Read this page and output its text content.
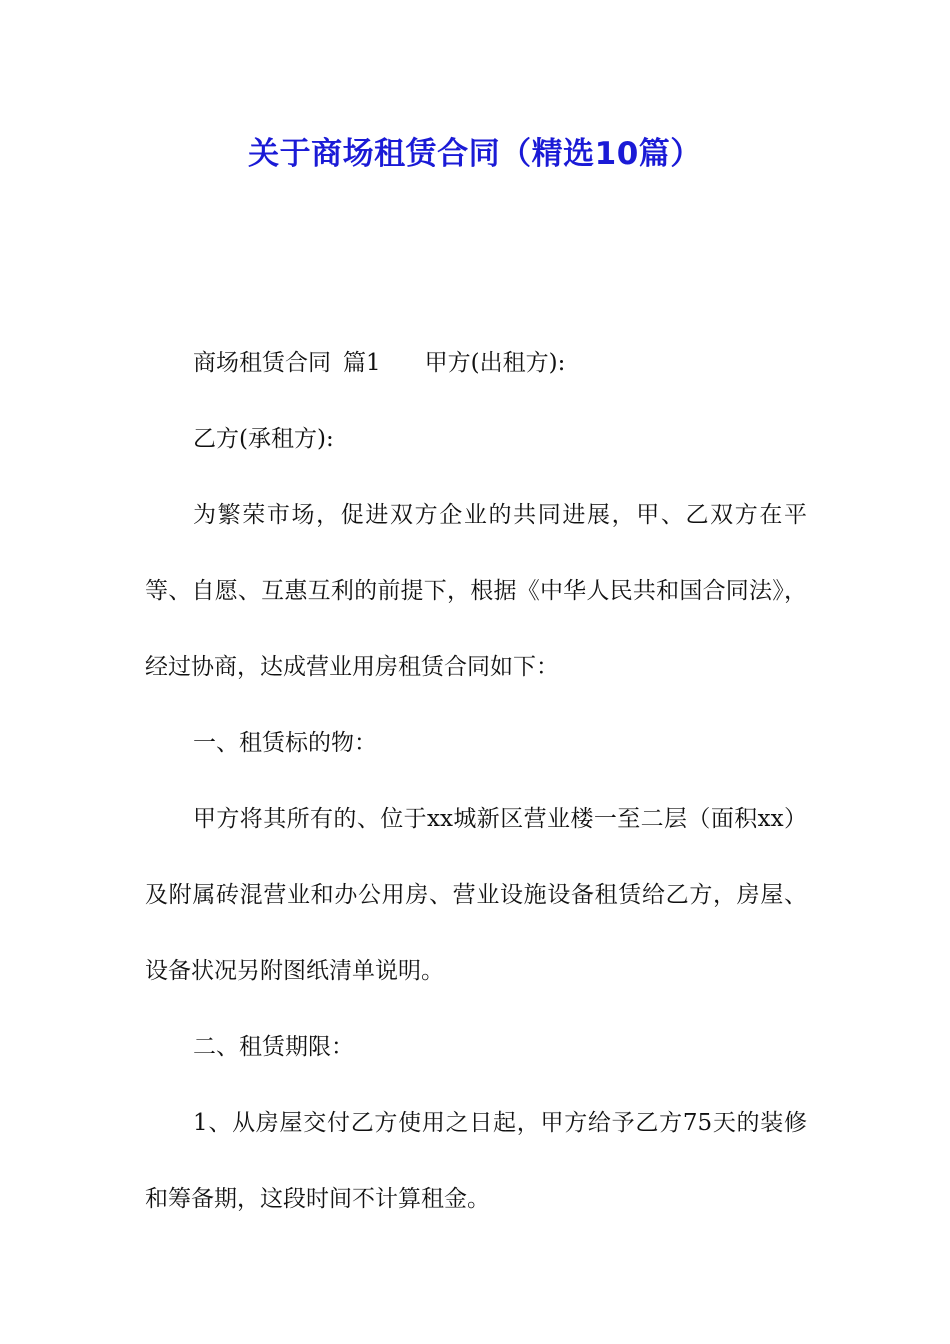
关于商场租赁合同（精选10篇）

商场租赁合同 篇1 甲方(出租方):

乙方(承租方):

为繁荣市场，促进双方企业的共同进展，甲、乙双方在平等、自愿、互惠互利的前提下，根据《中华人民共和国合同法》，经过协商，达成营业用房租赁合同如下：

一、租赁标的物：

甲方将其所有的、位于xx城新区营业楼一至二层（面积xx）及附属砖混营业和办公用房、营业设施设备租赁给乙方，房屋、设备状况另附图纸清单说明。

二、租赁期限：

1、从房屋交付乙方使用之日起，甲方给予乙方75天的装修和筹备期，这段时间不计算租金。
